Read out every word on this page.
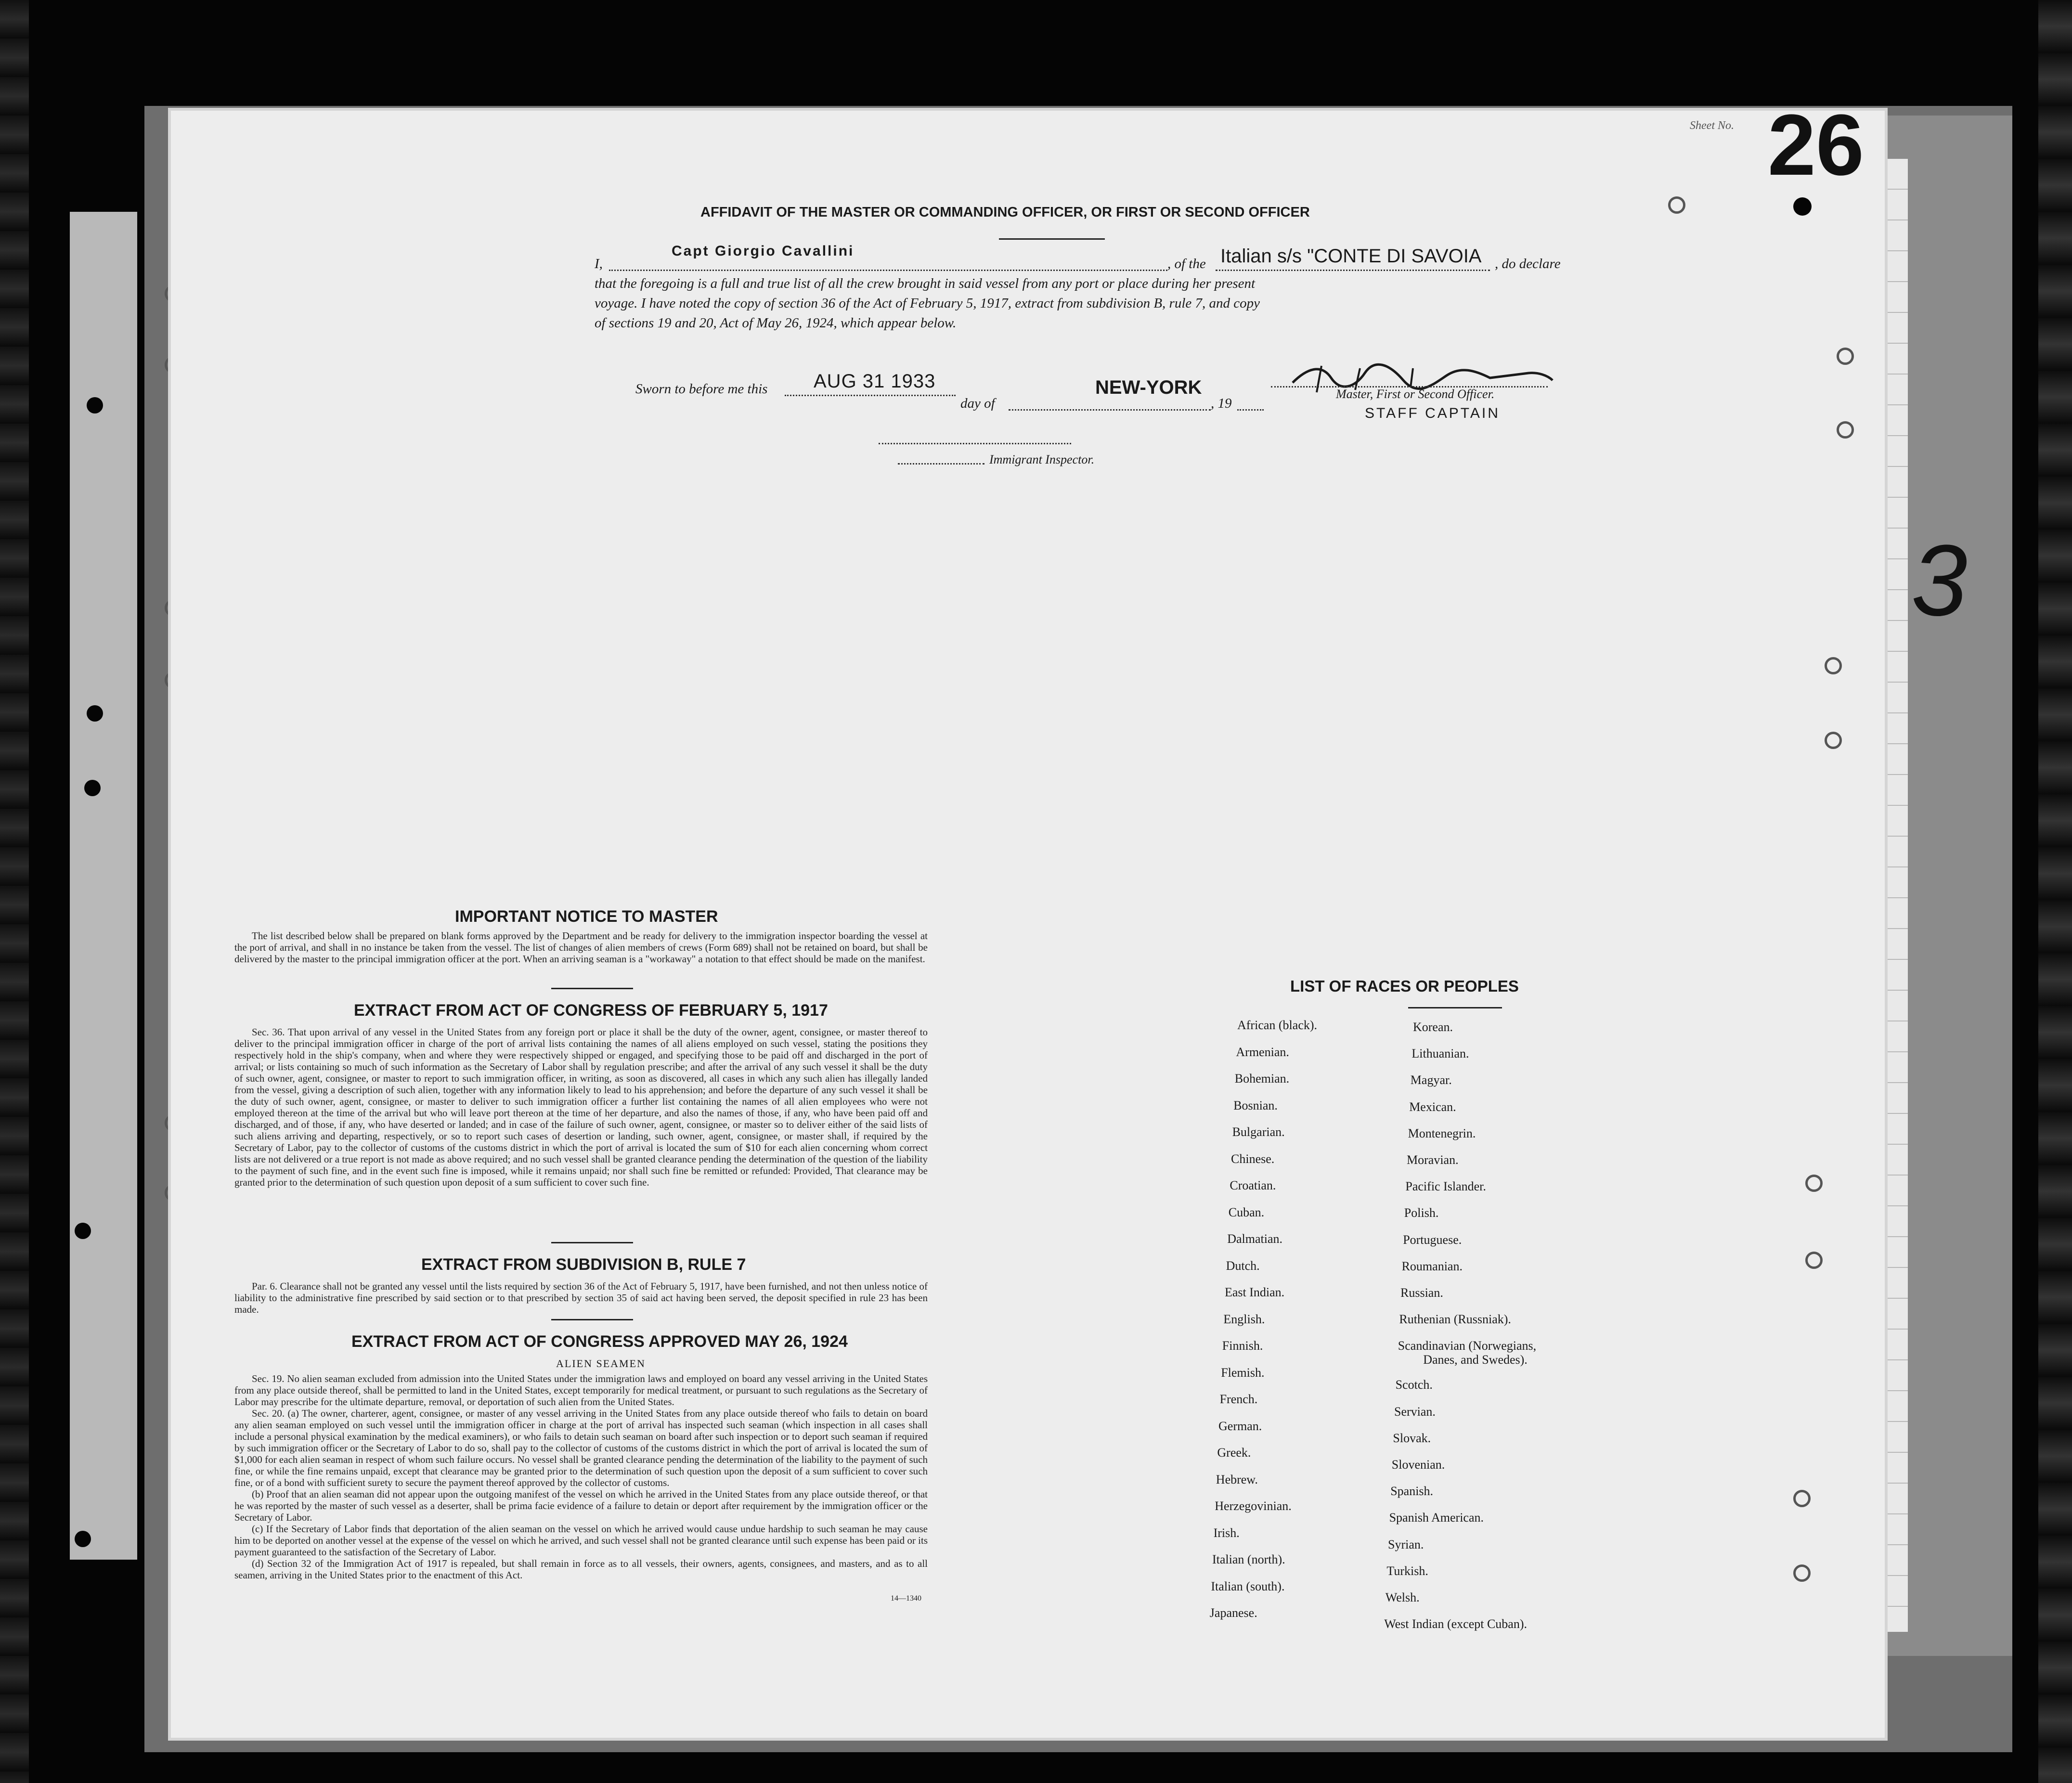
3
Sheet No. 26
AFFIDAVIT OF THE MASTER OR COMMANDING OFFICER, OR FIRST OR SECOND OFFICER
I,
Capt Giorgio Cavallini
, of the Italian s/s "CONTE DI SAVOIA , do declare
that the foregoing is a full and true list of all the crew brought in said vessel from any port or place during her present
voyage. I have noted the copy of section 36 of the Act of February 5, 1917, extract from subdivision B, rule 7, and copy
of sections 19 and 20, Act of May 26, 1924, which appear below.
Sworn to before me this AUG 31 1933
day of
NEW-YORK
, 19
Master, First or Second Officer.
STAFF CAPTAIN
Immigrant Inspector.
IMPORTANT NOTICE TO MASTER

The list described below shall be prepared on blank forms approved by the Department and be ready for delivery to the immigration inspector boarding the vessel at the port of arrival, and shall in no instance be taken from the vessel. The list of changes of alien members of crews (Form 689) shall not be retained on board, but shall be delivered by the master to the principal immigration officer at the port. When an arriving seaman is a "workaway" a notation to that effect should be made on the manifest.

EXTRACT FROM ACT OF CONGRESS OF FEBRUARY 5, 1917

Sec. 36. That upon arrival of any vessel in the United States from any foreign port or place it shall be the duty of the owner, agent, consignee, or master thereof to deliver to the principal immigration officer in charge of the port of arrival lists containing the names of all aliens employed on such vessel, stating the positions they respectively hold in the ship's company, when and where they were respectively shipped or engaged, and specifying those to be paid off and discharged in the port of arrival; or lists containing so much of such information as the Secretary of Labor shall by regulation prescribe; and after the arrival of any such vessel it shall be the duty of such owner, agent, consignee, or master to report to such immigration officer, in writing, as soon as discovered, all cases in which any such alien has illegally landed from the vessel, giving a description of such alien, together with any information likely to lead to his apprehension; and before the departure of any such vessel it shall be the duty of such owner, agent, consignee, or master to deliver to such immigration officer a further list containing the names of all alien employees who were not employed thereon at the time of the arrival but who will leave port thereon at the time of her departure, and also the names of those, if any, who have been paid off and discharged, and of those, if any, who have deserted or landed; and in case of the failure of such owner, agent, consignee, or master so to deliver either of the said lists of such aliens arriving and departing, respectively, or so to report such cases of desertion or landing, such owner, agent, consignee, or master shall, if required by the Secretary of Labor, pay to the collector of customs of the customs district in which the port of arrival is located the sum of $10 for each alien concerning whom correct lists are not delivered or a true report is not made as above required; and no such vessel shall be granted clearance pending the determination of the question of the liability to the payment of such fine, and in the event such fine is imposed, while it remains unpaid; nor shall such fine be remitted or refunded: Provided, That clearance may be granted prior to the determination of such question upon deposit of a sum sufficient to cover such fine.

EXTRACT FROM SUBDIVISION B, RULE 7

Par. 6. Clearance shall not be granted any vessel until the lists required by section 36 of the Act of February 5, 1917, have been furnished, and not then unless notice of liability to the administrative fine prescribed by said section or to that prescribed by section 35 of said act having been served, the deposit specified in rule 23 has been made.

EXTRACT FROM ACT OF CONGRESS APPROVED MAY 26, 1924
ALIEN SEAMEN

Sec. 19. No alien seaman excluded from admission into the United States under the immigration laws and employed on board any vessel arriving in the United States from any place outside thereof, shall be permitted to land in the United States, except temporarily for medical treatment, or pursuant to such regulations as the Secretary of Labor may prescribe for the ultimate departure, removal, or deportation of such alien from the United States.

Sec. 20. (a) The owner, charterer, agent, consignee, or master of any vessel arriving in the United States from any place outside thereof who fails to detain on board any alien seaman employed on such vessel until the immigration officer in charge at the port of arrival has inspected such seaman (which inspection in all cases shall include a personal physical examination by the medical examiners), or who fails to detain such seaman on board after such inspection or to deport such seaman if required by such immigration officer or the Secretary of Labor to do so, shall pay to the collector of customs of the customs district in which the port of arrival is located the sum of $1,000 for each alien seaman in respect of whom such failure occurs. No vessel shall be granted clearance pending the determination of the liability to the payment of such fine, or while the fine remains unpaid, except that clearance may be granted prior to the determination of such question upon the deposit of a sum sufficient to cover such fine, or of a bond with sufficient surety to secure the payment thereof approved by the collector of customs.

(b) Proof that an alien seaman did not appear upon the outgoing manifest of the vessel on which he arrived in the United States from any place outside thereof, or that he was reported by the master of such vessel as a deserter, shall be prima facie evidence of a failure to detain or deport after requirement by the immigration officer or the Secretary of Labor.

(c) If the Secretary of Labor finds that deportation of the alien seaman on the vessel on which he arrived would cause undue hardship to such seaman he may cause him to be deported on another vessel at the expense of the vessel on which he arrived, and such vessel shall not be granted clearance until such expense has been paid or its payment guaranteed to the satisfaction of the Secretary of Labor.

(d) Section 32 of the Immigration Act of 1917 is repealed, but shall remain in force as to all vessels, their owners, agents, consignees, and masters, and as to all seamen, arriving in the United States prior to the enactment of this Act.

14—1340
LIST OF RACES OR PEOPLES
African (black).
Armenian.
Bohemian.
Bosnian.
Bulgarian.
Chinese.
Croatian.
Cuban.
Dalmatian.
Dutch.
East Indian.
English.
Finnish.
Flemish.
French.
German.
Greek.
Hebrew.
Herzegovinian.
Irish.
Italian (north).
Italian (south).
Japanese.
Korean.
Lithuanian.
Magyar.
Mexican.
Montenegrin.
Moravian.
Pacific Islander.
Polish.
Portuguese.
Roumanian.
Russian.
Ruthenian (Russniak).
Scandinavian (Norwegians,
Danes, and Swedes).
Scotch.
Servian.
Slovak.
Slovenian.
Spanish.
Spanish American.
Syrian.
Turkish.
Welsh.
West Indian (except Cuban).
